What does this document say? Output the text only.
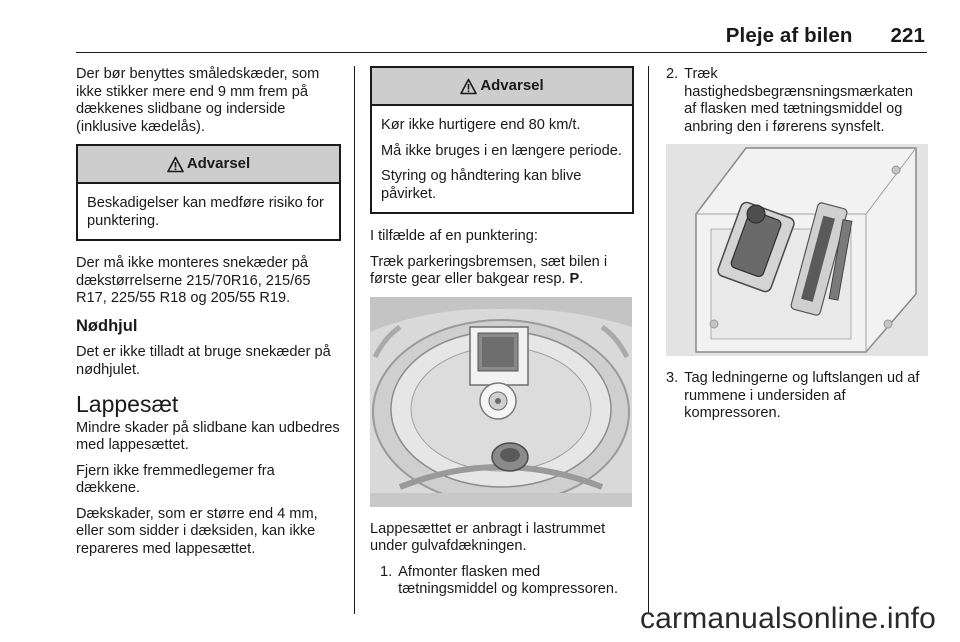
Pleje af bilen 221

Der bør benyttes småledskæder, som ikke stikker mere end 9 mm frem på dækkenes slidbane og inderside (inklusive kædelås).

Advarsel

Beskadigelser kan medføre risiko for punktering.

Der må ikke monteres snekæder på dækstørrelserne 215/70R16, 215/65 R17, 225/55 R18 og 205/55 R19.

Nødhjul

Det er ikke tilladt at bruge snekæder på nødhjulet.

Lappesæt

Mindre skader på slidbane kan udbedres med lappesættet.

Fjern ikke fremmedlegemer fra dækkene.

Dækskader, som er større end 4 mm, eller som sidder i dæksiden, kan ikke repareres med lappesættet.

Advarsel

Kør ikke hurtigere end 80 km/t.

Må ikke bruges i en længere periode.

Styring og håndtering kan blive påvirket.

I tilfælde af en punktering:

Træk parkeringsbremsen, sæt bilen i første gear eller bakgear resp. P.

Lappesættet er anbragt i lastrummet under gulvafdækningen.

1. Afmonter flasken med tætningsmiddel og kompressoren.
2. Træk hastighedsbegrænsningsmærkaten af flasken med tætningsmiddel og anbring den i førerens synsfelt.
3. Tag ledningerne og luftslangen ud af rummene i undersiden af kompressoren.
carmanualsonline.info
